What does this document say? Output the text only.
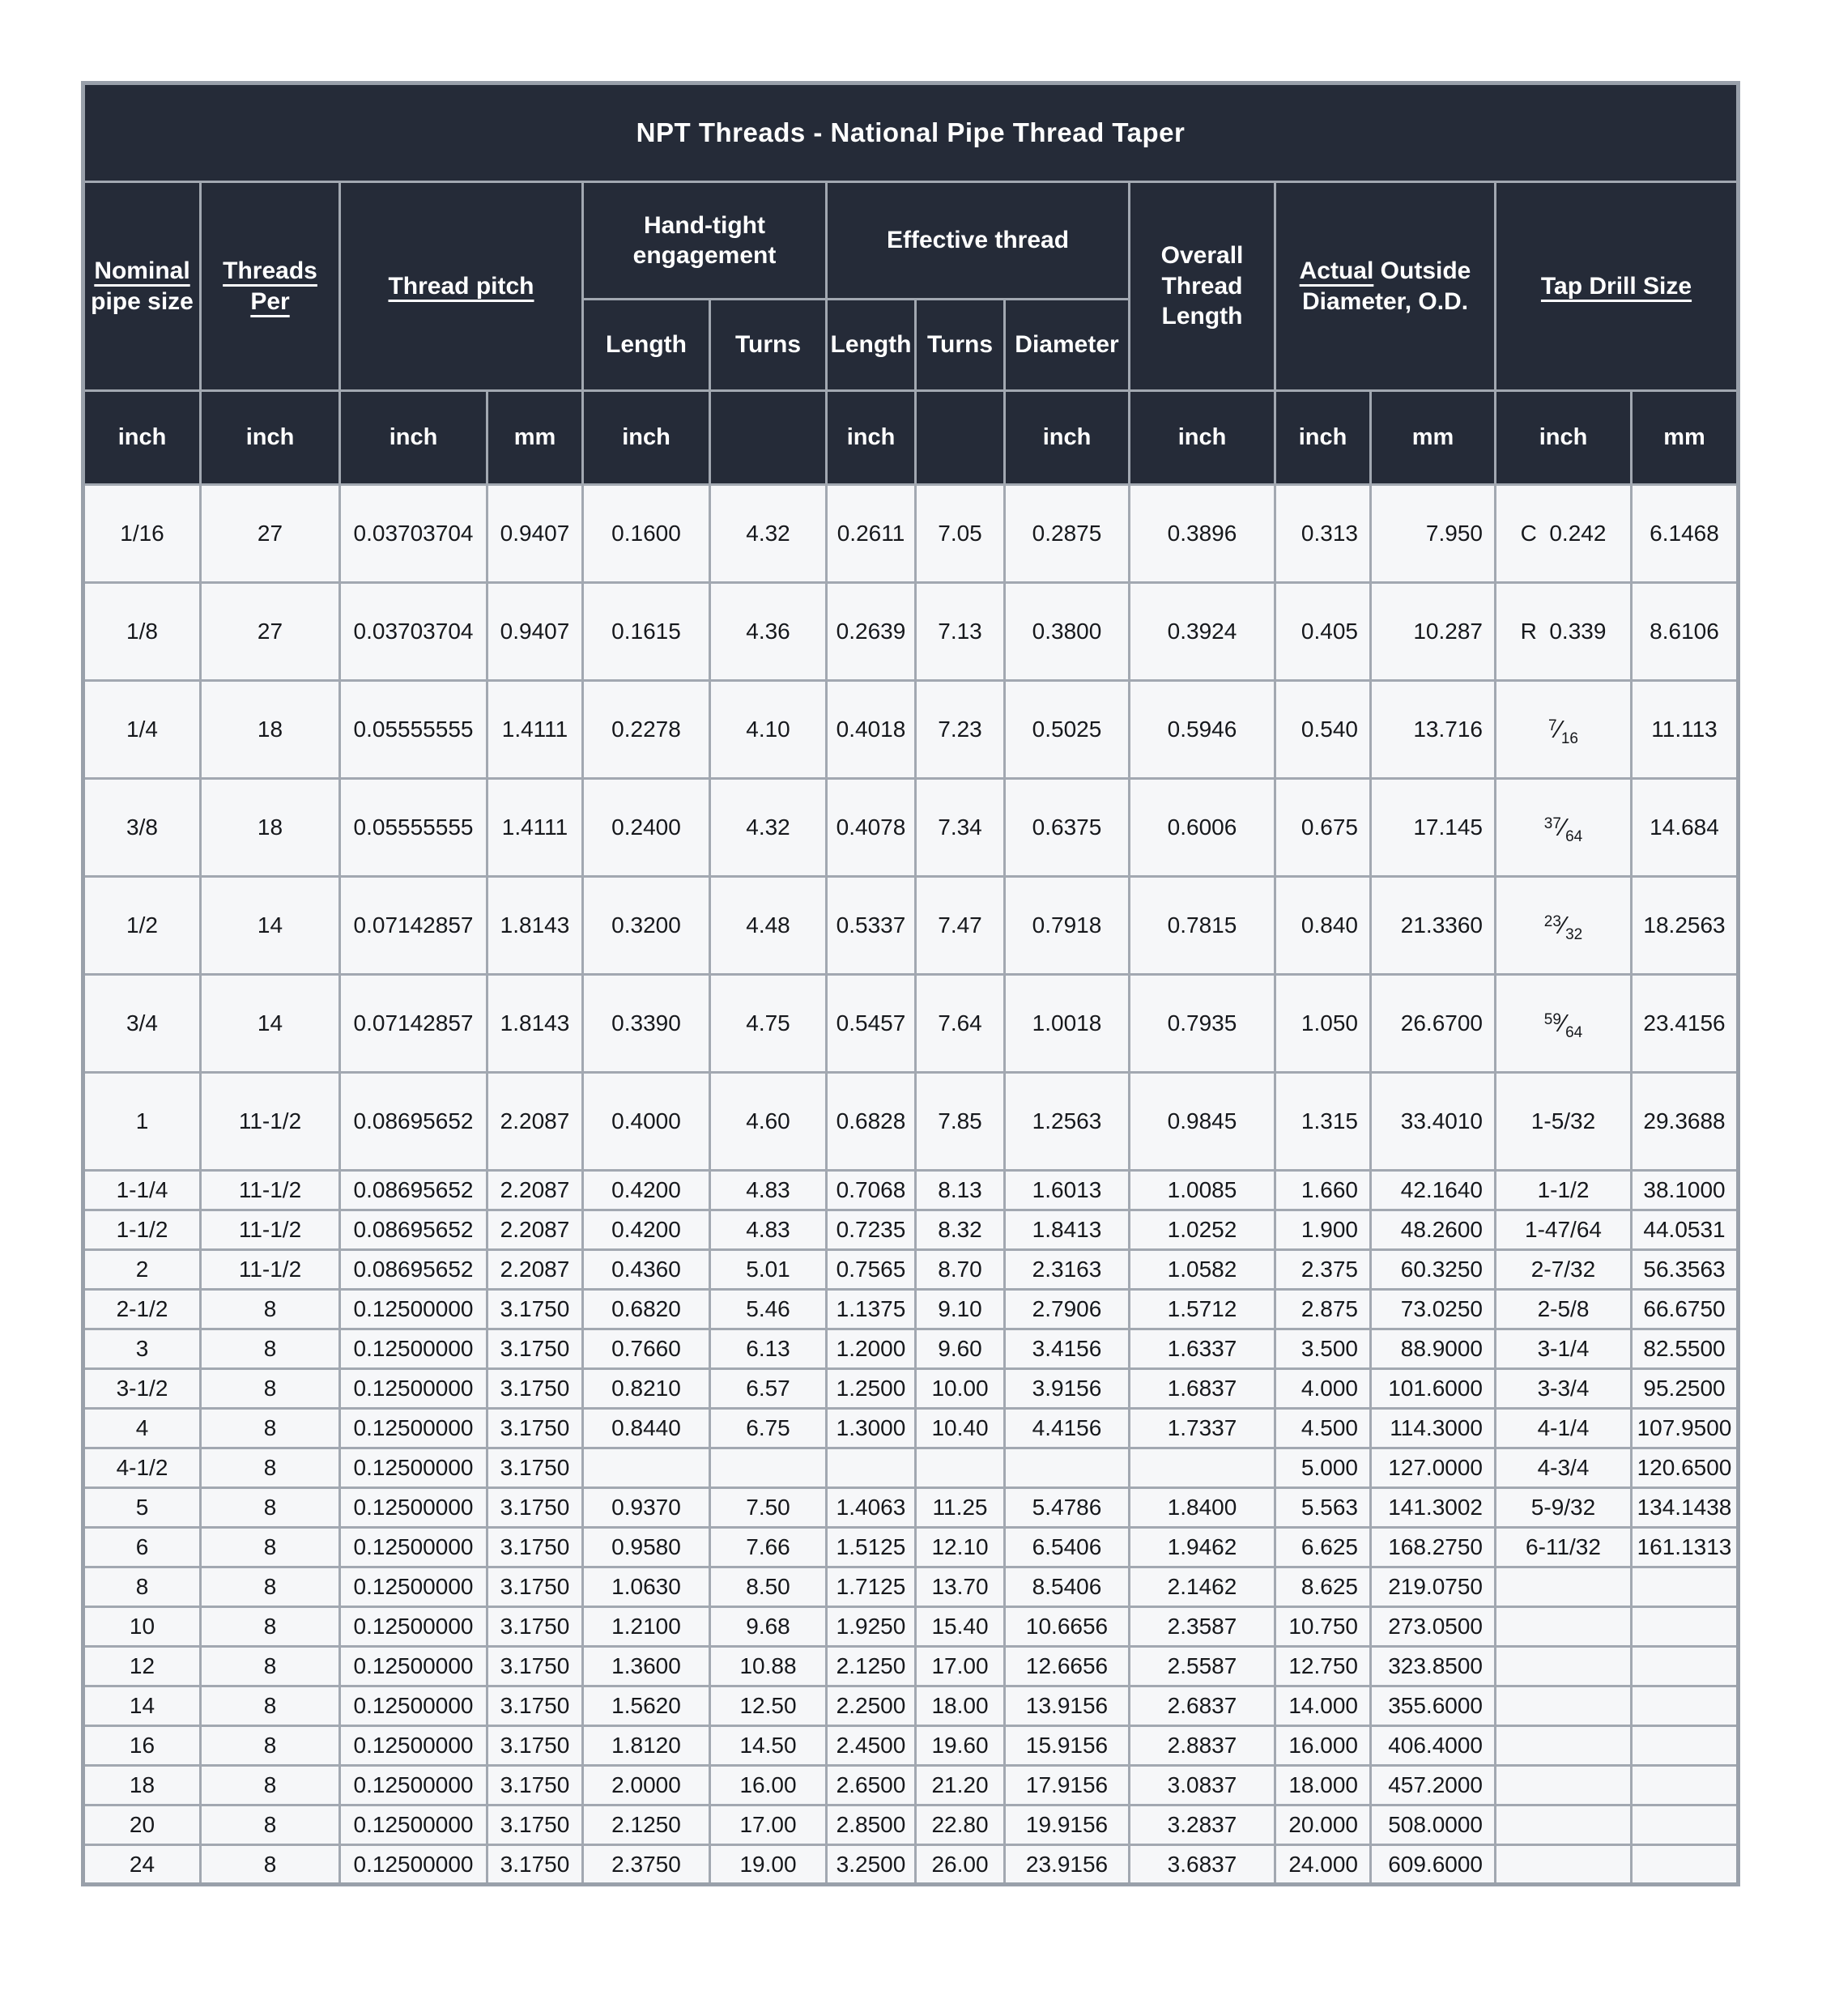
NPT Threads - National Pipe Thread Taper													
Nominal pipe size	Threads Per	Thread pitch		Hand-tight engagement		Effective thread			Overall Thread Length	Actual Outside Diameter, O.D.		Tap Drill Size	
				Length	Turns	Length	Turns	Diameter					
inch	inch	inch	mm	inch		inch		inch	inch	inch	mm	inch	mm
1/16	27	0.03703704	0.9407	0.1600	4.32	0.2611	7.05	0.2875	0.3896	0.313	7.950	C  0.242	6.1468
1/8	27	0.03703704	0.9407	0.1615	4.36	0.2639	7.13	0.3800	0.3924	0.405	10.287	R  0.339	8.6106
1/4	18	0.05555555	1.4111	0.2278	4.10	0.4018	7.23	0.5025	0.5946	0.540	13.716	$^7⁄_{16}$	11.113
3/8	18	0.05555555	1.4111	0.2400	4.32	0.4078	7.34	0.6375	0.6006	0.675	17.145	$^{37}⁄_{64}$	14.684
1/2	14	0.07142857	1.8143	0.3200	4.48	0.5337	7.47	0.7918	0.7815	0.840	21.3360	$^{23}⁄_{32}$	18.2563
3/4	14	0.07142857	1.8143	0.3390	4.75	0.5457	7.64	1.0018	0.7935	1.050	26.6700	$^{59}⁄_{64}$	23.4156
1	11-1/2	0.08695652	2.2087	0.4000	4.60	0.6828	7.85	1.2563	0.9845	1.315	33.4010	1-5/32	29.3688
1-1/4	11-1/2	0.08695652	2.2087	0.4200	4.83	0.7068	8.13	1.6013	1.0085	1.660	42.1640	1-1/2	38.1000
1-1/2	11-1/2	0.08695652	2.2087	0.4200	4.83	0.7235	8.32	1.8413	1.0252	1.900	48.2600	1-47/64	44.0531
2	11-1/2	0.08695652	2.2087	0.4360	5.01	0.7565	8.70	2.3163	1.0582	2.375	60.3250	2-7/32	56.3563
2-1/2	8	0.12500000	3.1750	0.6820	5.46	1.1375	9.10	2.7906	1.5712	2.875	73.0250	2-5/8	66.6750
3	8	0.12500000	3.1750	0.7660	6.13	1.2000	9.60	3.4156	1.6337	3.500	88.9000	3-1/4	82.5500
3-1/2	8	0.12500000	3.1750	0.8210	6.57	1.2500	10.00	3.9156	1.6837	4.000	101.6000	3-3/4	95.2500
4	8	0.12500000	3.1750	0.8440	6.75	1.3000	10.40	4.4156	1.7337	4.500	114.3000	4-1/4	107.9500
4-1/2	8	0.12500000	3.1750							5.000	127.0000	4-3/4	120.6500
5	8	0.12500000	3.1750	0.9370	7.50	1.4063	11.25	5.4786	1.8400	5.563	141.3002	5-9/32	134.1438
6	8	0.12500000	3.1750	0.9580	7.66	1.5125	12.10	6.5406	1.9462	6.625	168.2750	6-11/32	161.1313
8	8	0.12500000	3.1750	1.0630	8.50	1.7125	13.70	8.5406	2.1462	8.625	219.0750		
10	8	0.12500000	3.1750	1.2100	9.68	1.9250	15.40	10.6656	2.3587	10.750	273.0500		
12	8	0.12500000	3.1750	1.3600	10.88	2.1250	17.00	12.6656	2.5587	12.750	323.8500		
14	8	0.12500000	3.1750	1.5620	12.50	2.2500	18.00	13.9156	2.6837	14.000	355.6000		
16	8	0.12500000	3.1750	1.8120	14.50	2.4500	19.60	15.9156	2.8837	16.000	406.4000		
18	8	0.12500000	3.1750	2.0000	16.00	2.6500	21.20	17.9156	3.0837	18.000	457.2000		
20	8	0.12500000	3.1750	2.1250	17.00	2.8500	22.80	19.9156	3.2837	20.000	508.0000		
24	8	0.12500000	3.1750	2.3750	19.00	3.2500	26.00	23.9156	3.6837	24.000	609.6000		
